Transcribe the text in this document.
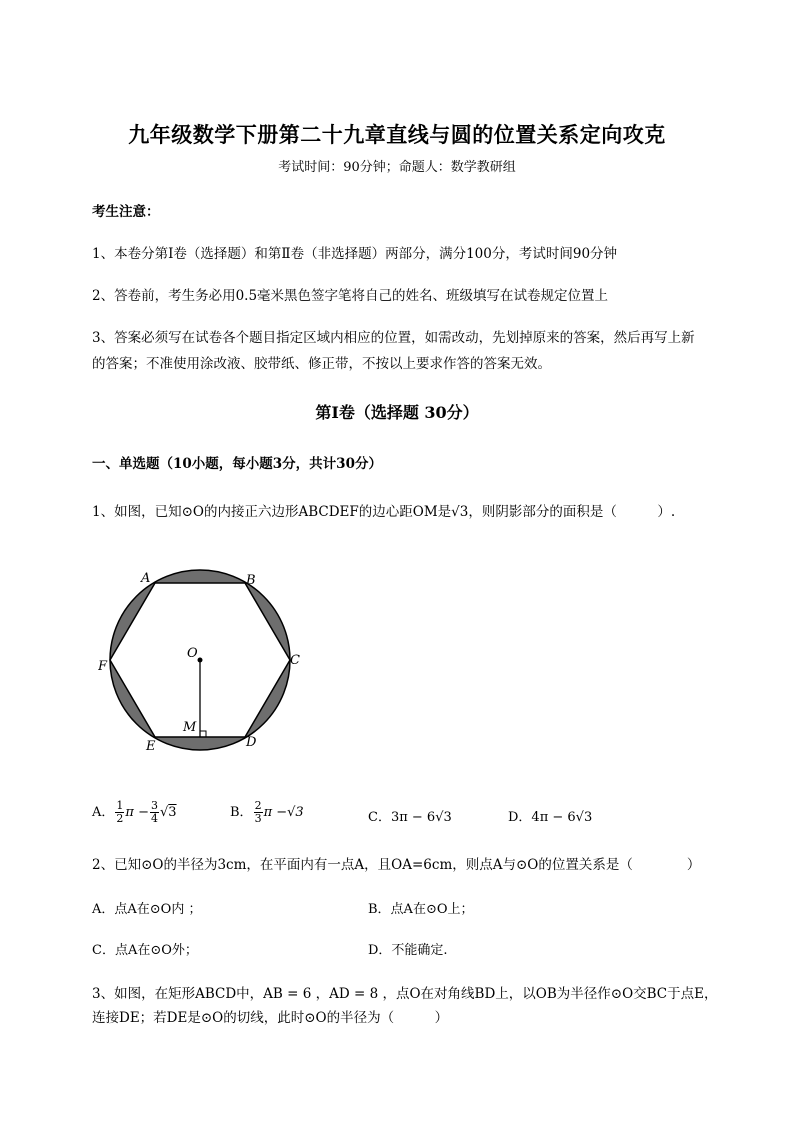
九年级数学下册第二十九章直线与圆的位置关系定向攻克
考试时间：90分钟；命题人：数学教研组
考生注意：
1、本卷分第I卷（选择题）和第Ⅱ卷（非选择题）两部分，满分100分，考试时间90分钟
2、答卷前，考生务必用0.5毫米黑色签字笔将自己的姓名、班级填写在试卷规定位置上
3、答案必须写在试卷各个题目指定区域内相应的位置，如需改动，先划掉原来的答案，然后再写上新
的答案；不准使用涂改液、胶带纸、修正带，不按以上要求作答的答案无效。
第I卷（选择题 30分）
一、单选题（10小题，每小题3分，共计30分）
1、如图，已知⊙O的内接正六边形ABCDEF的边心距OM是√3，则阴影部分的面积是（　　　）.
A	B
C
D
E
F
O
M
A． $\frac{1}{2}$ $\pi - \frac{3}{4} √3$	B． $\frac{2}{3}$ π −√3	C．3π − 6√3	D．4π − 6√3
2、已知⊙O的半径为3cm，在平面内有一点A，且OA=6cm，则点A与⊙O的位置关系是（　　　　）
A．点A在⊙O内 ；	B．点A在⊙O上；
C．点A在⊙O外；	D．不能确定.
3、如图，在矩形ABCD中，AB = 6 ，AD = 8 ，点O在对角线BD上，以OB为半径作⊙O交BC于点E，
连接DE；若DE是⊙O的切线，此时⊙O的半径为（　　　）
